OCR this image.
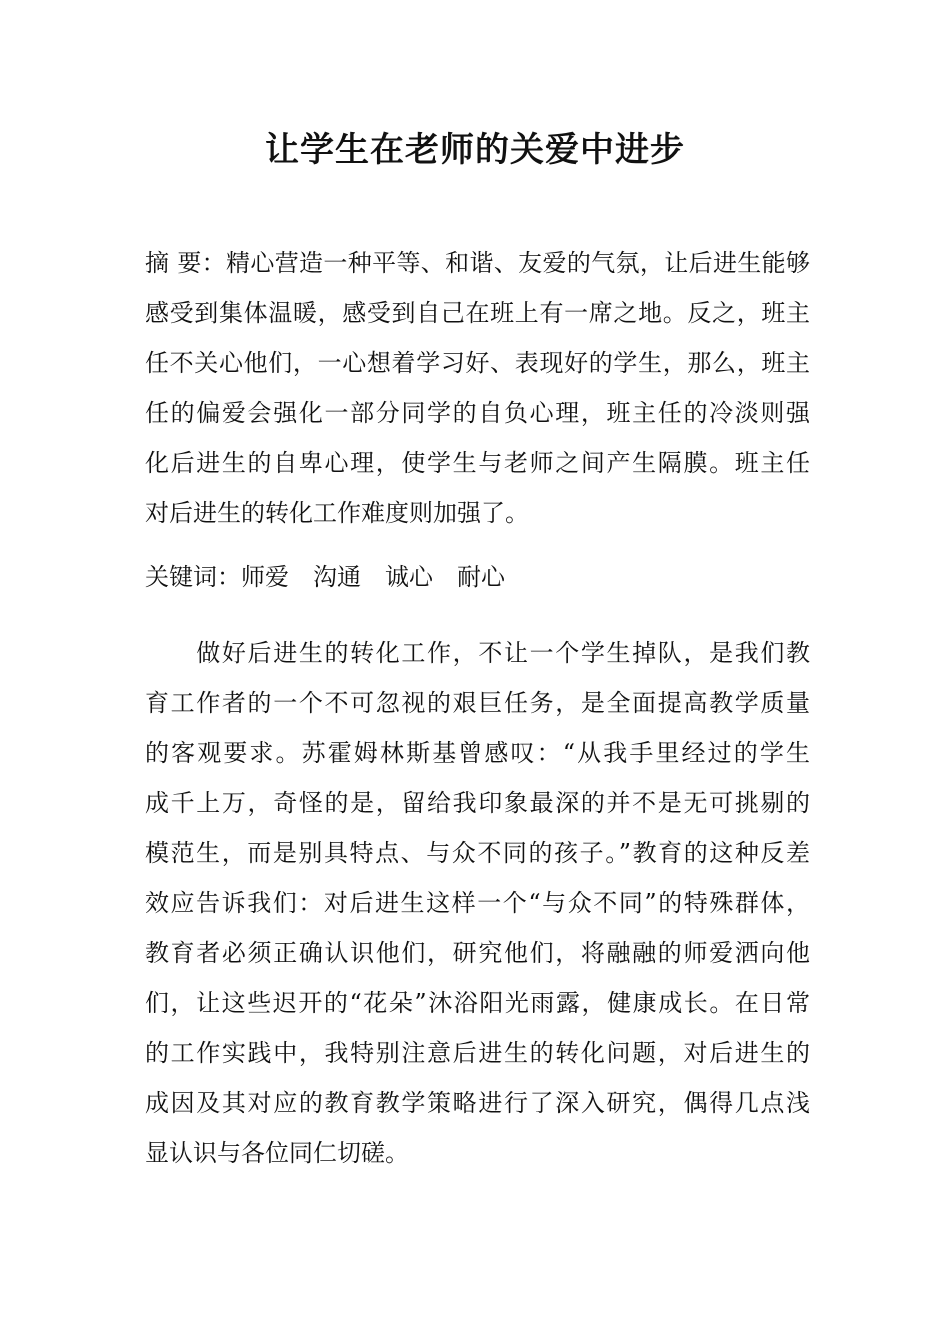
让学生在老师的关爱中进步
摘 要：精心营造一种平等、和谐、友爱的气氛，让后进生能够
感受到集体温暖，感受到自己在班上有一席之地。反之，班主
任不关心他们，一心想着学习好、表现好的学生，那么，班主
任的偏爱会强化一部分同学的自负心理，班主任的冷淡则强
化后进生的自卑心理，使学生与老师之间产生隔膜。班主任
对后进生的转化工作难度则加强了。
关键词：师爱 沟通 诚心 耐心
　　做好后进生的转化工作，不让一个学生掉队，是我们教
育工作者的一个不可忽视的艰巨任务，是全面提高教学质量
的客观要求。苏霍姆林斯基曾感叹：“从我手里经过的学生
成千上万，奇怪的是，留给我印象最深的并不是无可挑剔的
模范生，而是别具特点、与众不同的孩子。”教育的这种反差
效应告诉我们：对后进生这样一个“与众不同”的特殊群体，
教育者必须正确认识他们，研究他们，将融融的师爱洒向他
们，让这些迟开的“花朵”沐浴阳光雨露，健康成长。在日常
的工作实践中，我特别注意后进生的转化问题，对后进生的
成因及其对应的教育教学策略进行了深入研究，偶得几点浅
显认识与各位同仁切磋。
